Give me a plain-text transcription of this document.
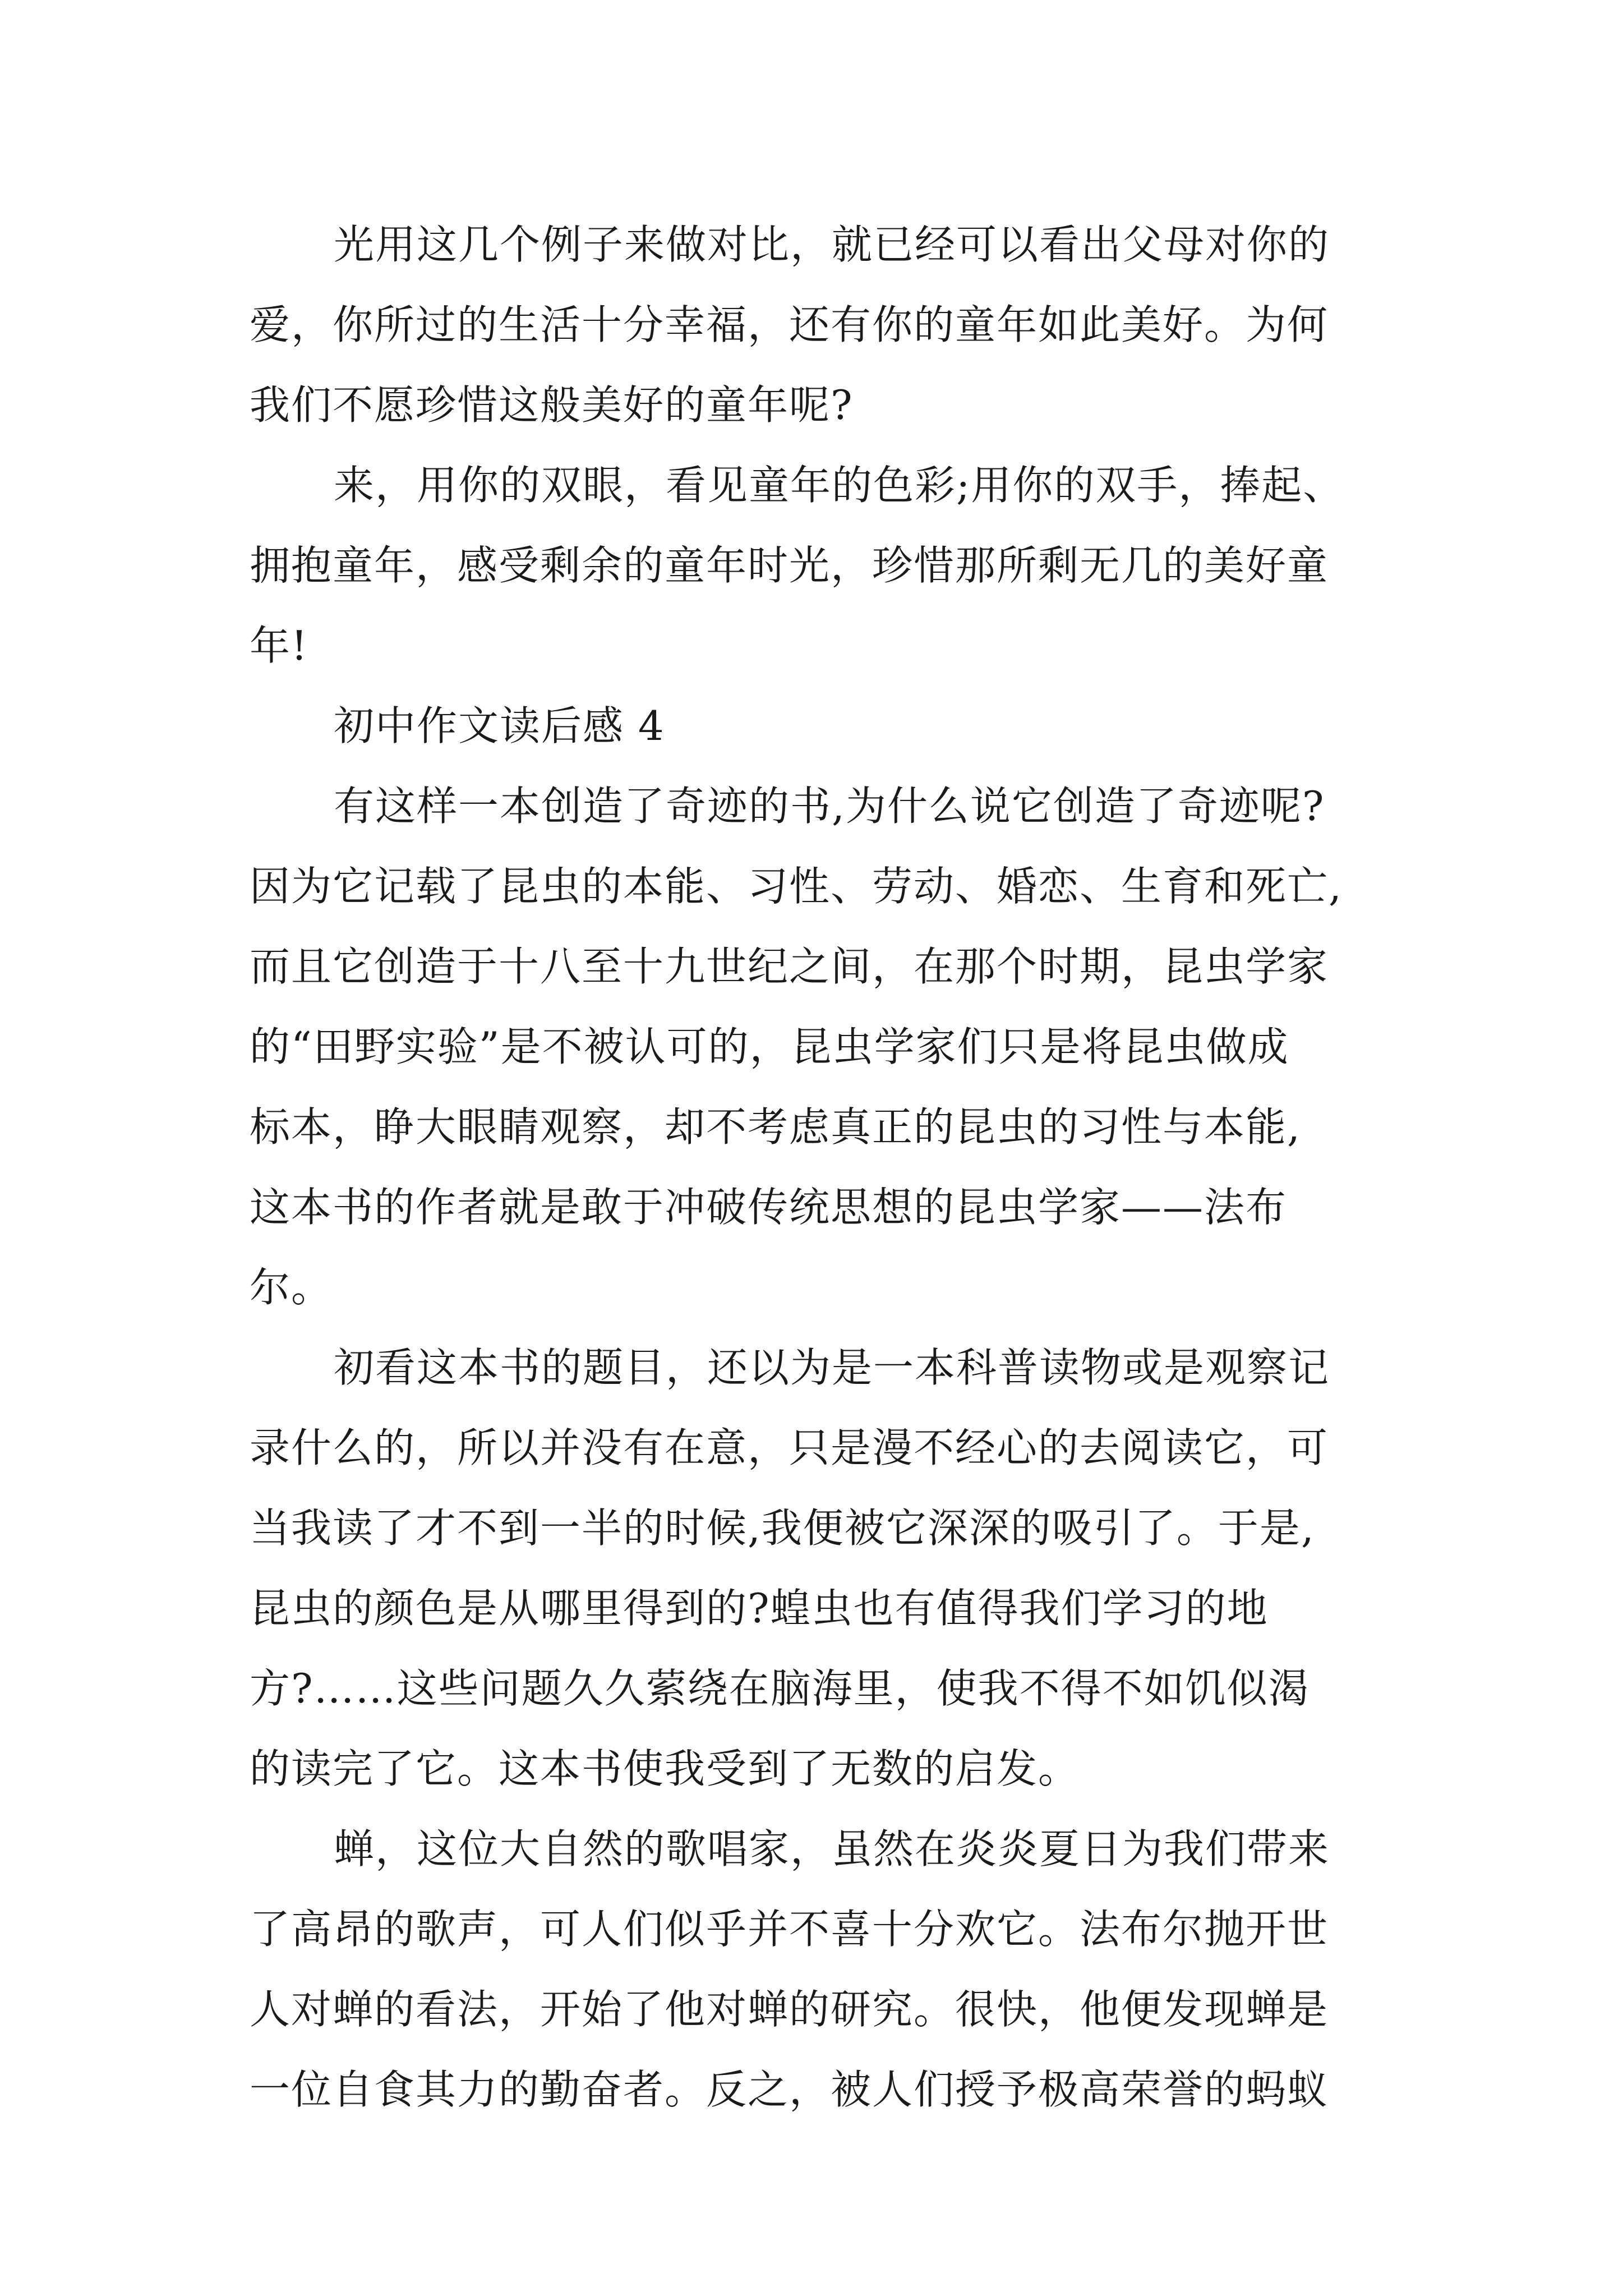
光用这几个例子来做对比，就已经可以看出父母对你的
爱，你所过的生活十分幸福，还有你的童年如此美好。为何
我们不愿珍惜这般美好的童年呢?
来，用你的双眼，看见童年的色彩;用你的双手，捧起、
拥抱童年，感受剩余的童年时光，珍惜那所剩无几的美好童
年!
初中作文读后感 4
有这样一本创造了奇迹的书,为什么说它创造了奇迹呢?
因为它记载了昆虫的本能、习性、劳动、婚恋、生育和死亡,
而且它创造于十八至十九世纪之间，在那个时期，昆虫学家
的“田野实验”是不被认可的，昆虫学家们只是将昆虫做成
标本，睁大眼睛观察，却不考虑真正的昆虫的习性与本能,
这本书的作者就是敢于冲破传统思想的昆虫学家——法布
尔。
初看这本书的题目，还以为是一本科普读物或是观察记
录什么的，所以并没有在意，只是漫不经心的去阅读它，可
当我读了才不到一半的时候,我便被它深深的吸引了。于是,
昆虫的颜色是从哪里得到的?蝗虫也有值得我们学习的地
方?……这些问题久久萦绕在脑海里，使我不得不如饥似渴
的读完了它。这本书使我受到了无数的启发。
蝉，这位大自然的歌唱家，虽然在炎炎夏日为我们带来
了高昂的歌声，可人们似乎并不喜十分欢它。法布尔抛开世
人对蝉的看法，开始了他对蝉的研究。很快，他便发现蝉是
一位自食其力的勤奋者。反之，被人们授予极高荣誉的蚂蚁
